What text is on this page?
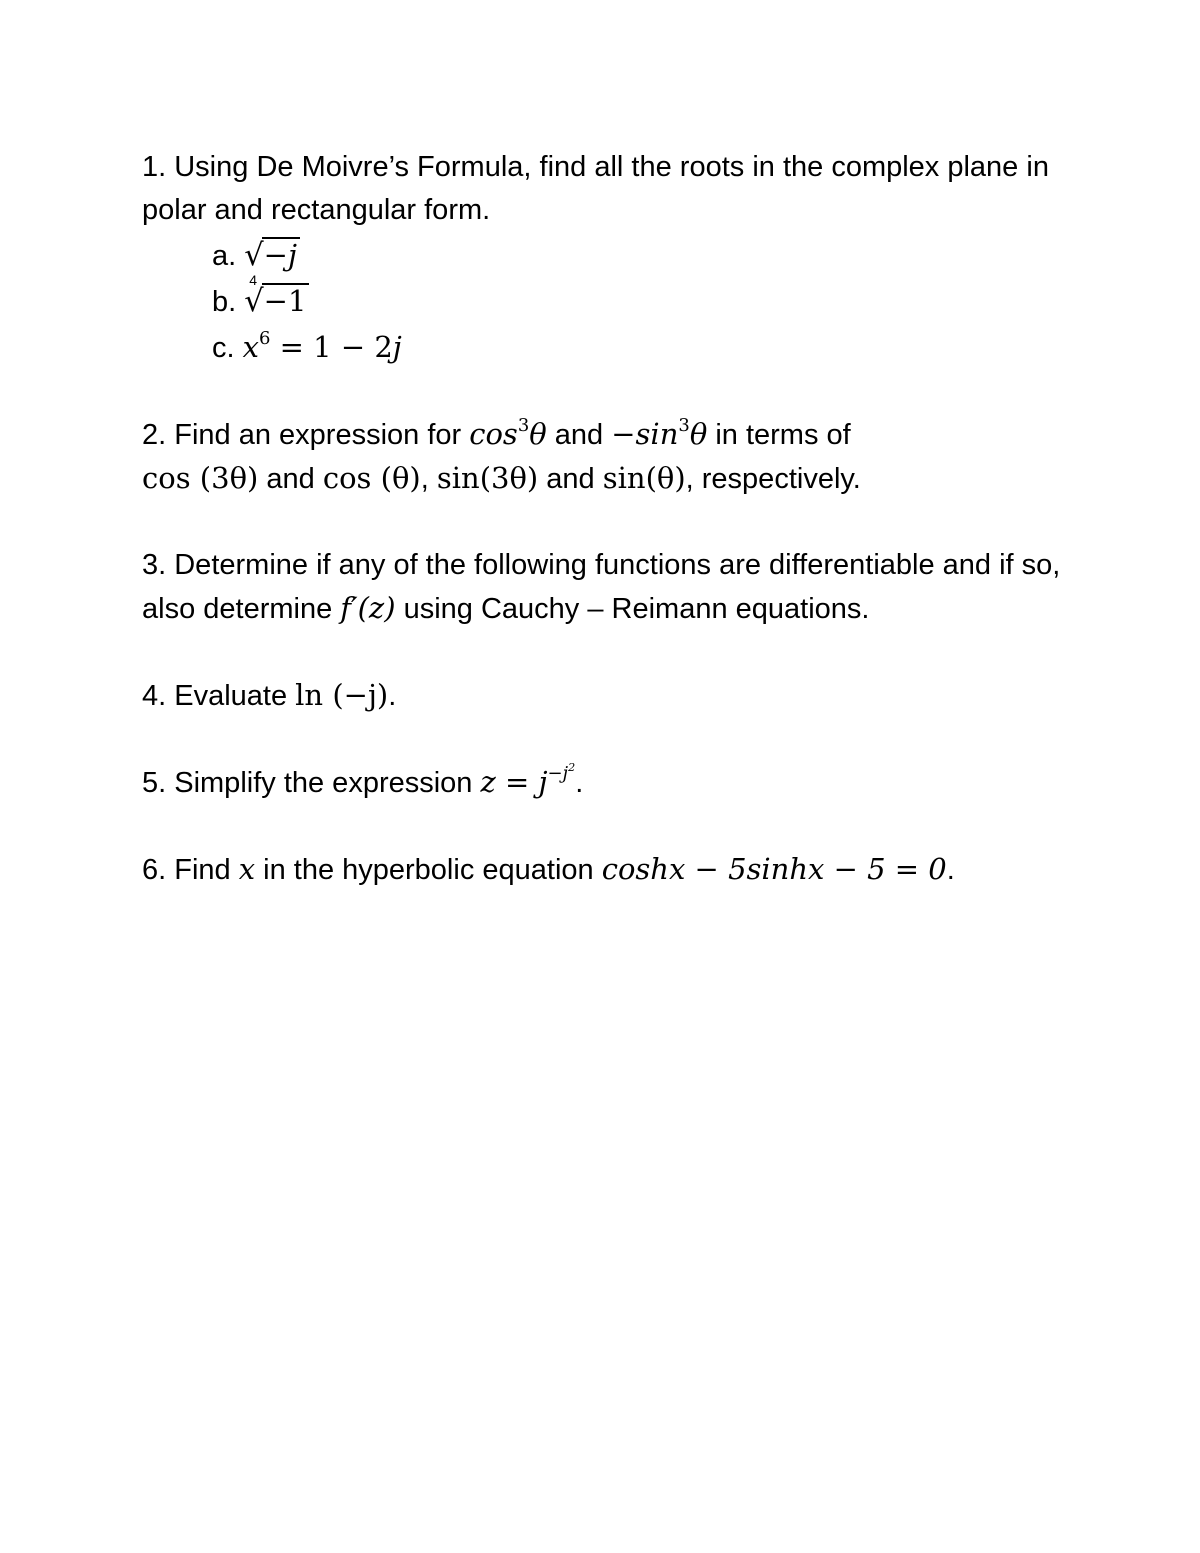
1. Using De Moivre’s Formula, find all the roots in the complex plane in polar and rectangular form.
a. √−j
b.
4
√−1
c. $x^6 = 1 - 2j$
2. Find an expression for $\cos^3\theta$ and $-\sin^3\theta$ in terms of
cos (3θ) and cos (θ), sin(3θ) and sin(θ), respectively.
3. Determine if any of the following functions are differentiable and if so, also determine f′(z) using Cauchy – Reimann equations.
4. Evaluate ln (−j).
5. Simplify the expression $z = j^{-j^2}$.
6. Find x in the hyperbolic equation coshx − 5sinhx − 5 = 0.
